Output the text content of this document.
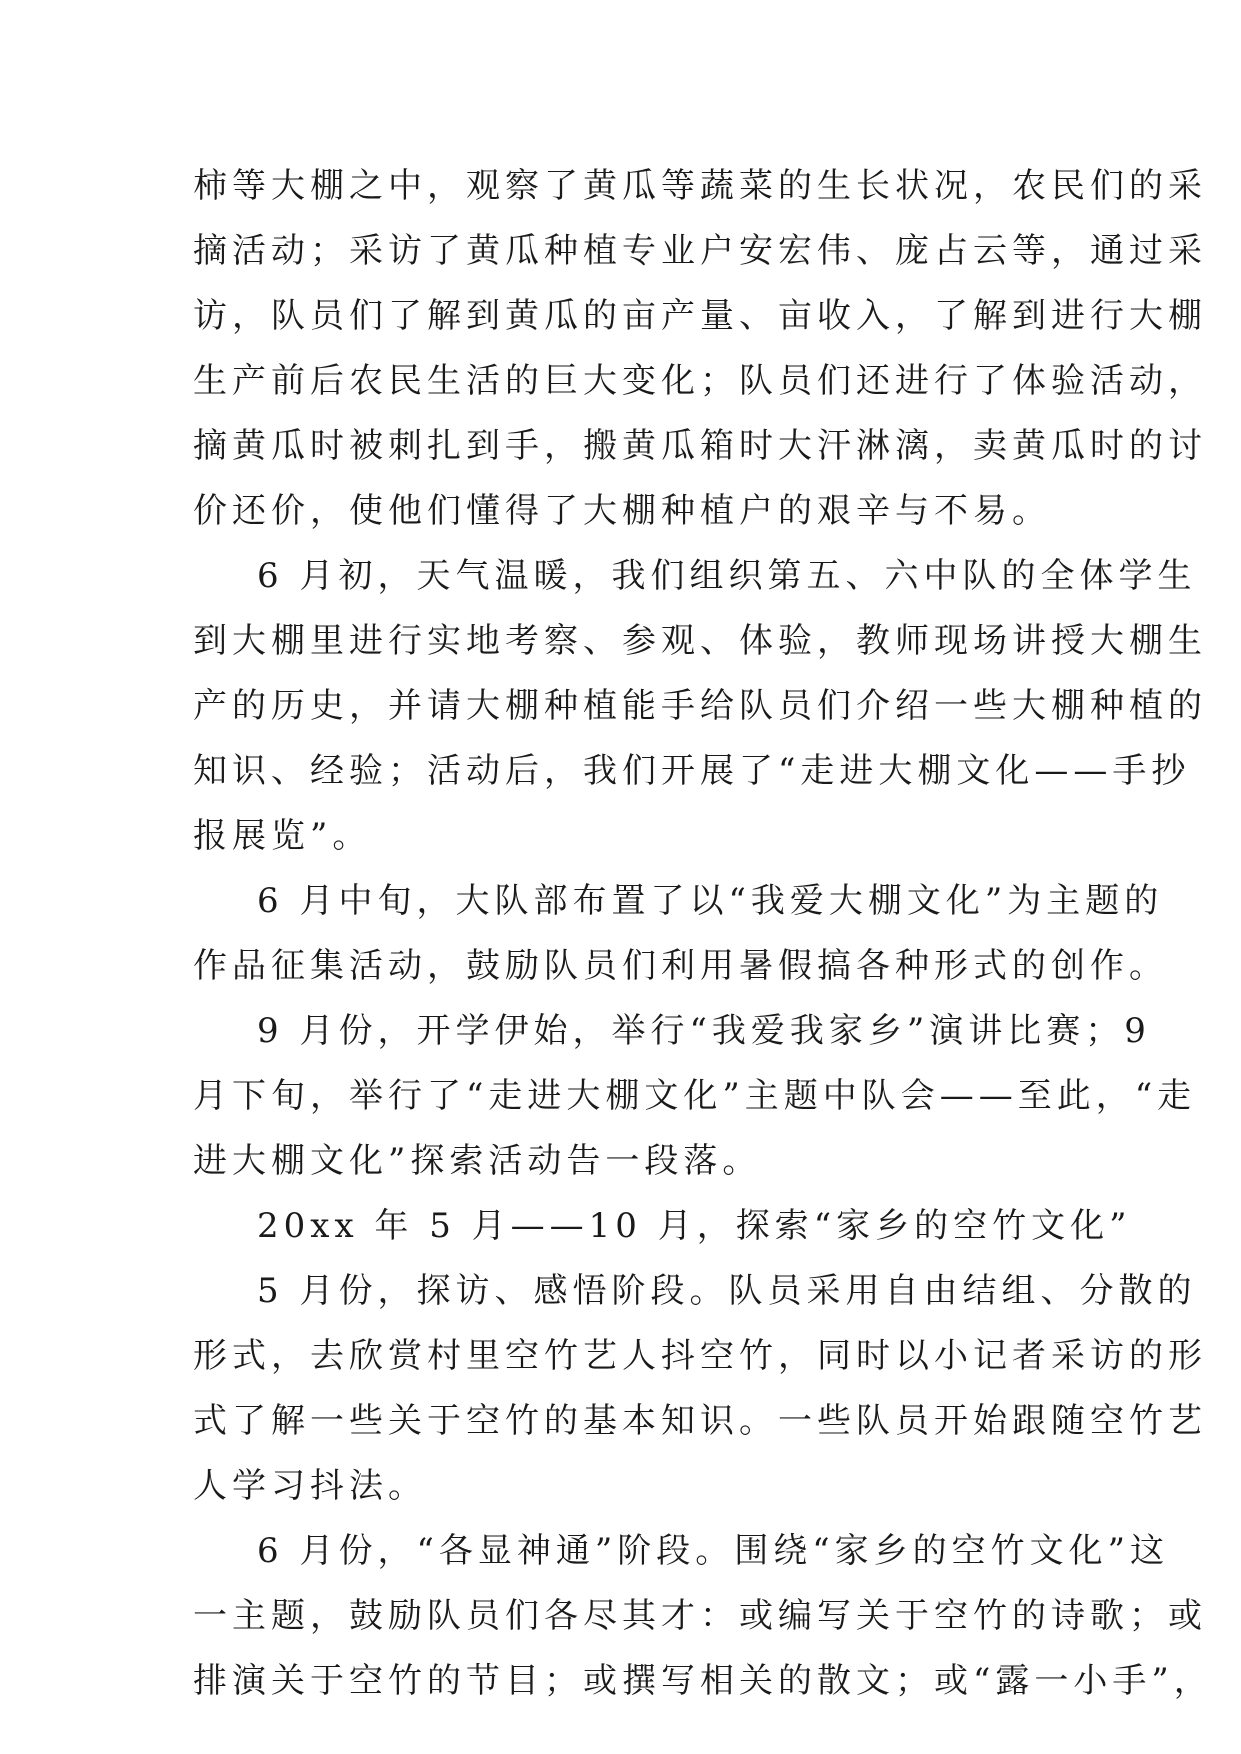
柿等大棚之中，观察了黄瓜等蔬菜的生长状况，农民们的采
摘活动；采访了黄瓜种植专业户安宏伟、庞占云等，通过采
访，队员们了解到黄瓜的亩产量、亩收入，了解到进行大棚
生产前后农民生活的巨大变化；队员们还进行了体验活动，
摘黄瓜时被刺扎到手，搬黄瓜箱时大汗淋漓，卖黄瓜时的讨
价还价，使他们懂得了大棚种植户的艰辛与不易。
6 月初，天气温暖，我们组织第五、六中队的全体学生
到大棚里进行实地考察、参观、体验，教师现场讲授大棚生
产的历史，并请大棚种植能手给队员们介绍一些大棚种植的
知识、经验；活动后，我们开展了“走进大棚文化——手抄
报展览”。
6 月中旬，大队部布置了以“我爱大棚文化”为主题的
作品征集活动，鼓励队员们利用暑假搞各种形式的创作。
9 月份，开学伊始，举行“我爱我家乡”演讲比赛；9
月下旬，举行了“走进大棚文化”主题中队会——至此，“走
进大棚文化”探索活动告一段落。
20xx 年 5 月——10 月，探索“家乡的空竹文化”
5 月份，探访、感悟阶段。队员采用自由结组、分散的
形式，去欣赏村里空竹艺人抖空竹，同时以小记者采访的形
式了解一些关于空竹的基本知识。一些队员开始跟随空竹艺
人学习抖法。
6 月份，“各显神通”阶段。围绕“家乡的空竹文化”这
一主题，鼓励队员们各尽其才：或编写关于空竹的诗歌；或
排演关于空竹的节目；或撰写相关的散文；或“露一小手”，
